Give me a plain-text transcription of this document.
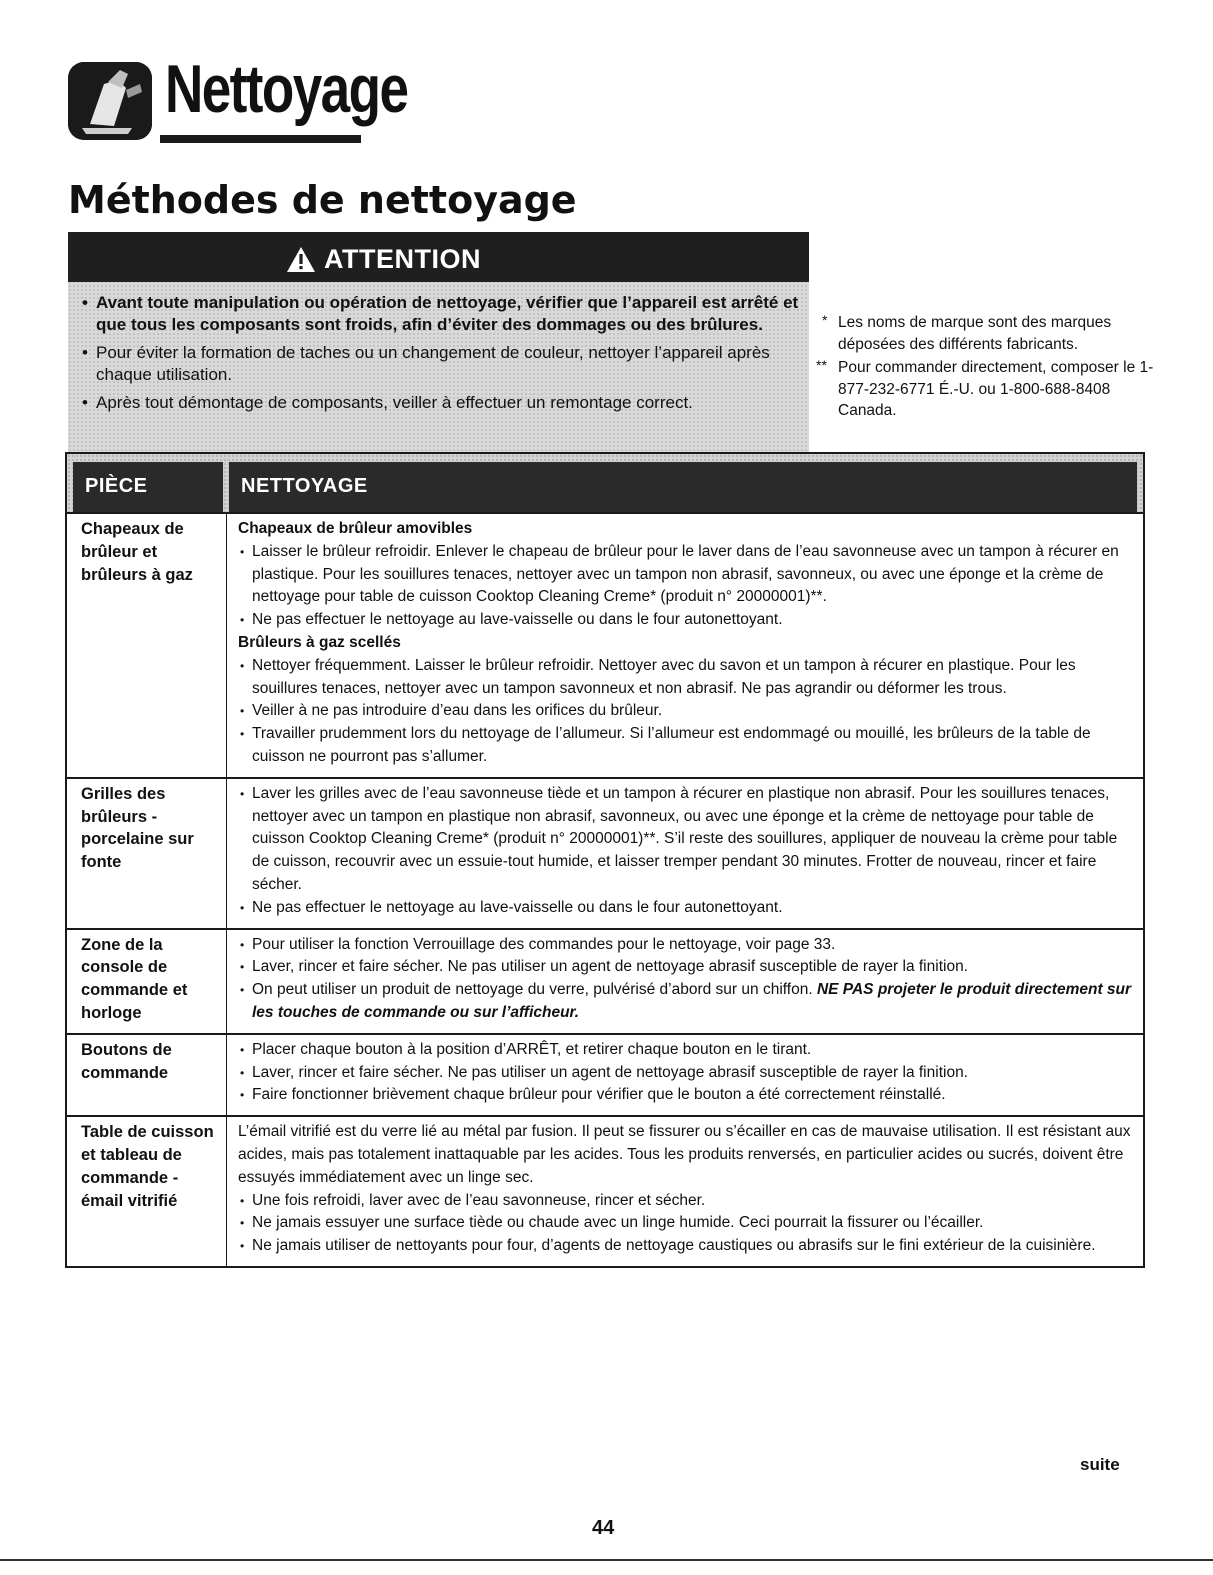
Nettoyage
Méthodes de nettoyage
ATTENTION
• Avant toute manipulation ou opération de nettoyage, vérifier que l’appareil est arrêté et que tous les composants sont froids, afin d’éviter des dommages ou des brûlures.
• Pour éviter la formation de taches ou un changement de couleur, nettoyer l’appareil après chaque utilisation.
• Après tout démontage de composants, veiller à effectuer un remontage correct.
* Les noms de marque sont des marques déposées des différents fabricants.
** Pour commander directement, composer le 1-877-232-6771 É.-U. ou 1-800-688-8408 Canada.
PIÈCE	NETTOYAGE
Chapeaux de brûleur et brûleurs à gaz

Chapeaux de brûleur amovibles

• Laisser le brûleur refroidir. Enlever le chapeau de brûleur pour le laver dans de l’eau savonneuse avec un tampon à récurer en plastique. Pour les souillures tenaces, nettoyer avec un tampon non abrasif, savonneux, ou avec une éponge et la crème de nettoyage pour table de cuisson Cooktop Cleaning Creme* (produit n° 20000001)**.
• Ne pas effectuer le nettoyage au lave-vaisselle ou dans le four autonettoyant.

Brûleurs à gaz scellés

• Nettoyer fréquemment. Laisser le brûleur refroidir. Nettoyer avec du savon et un tampon à récurer en plastique. Pour les souillures tenaces, nettoyer avec un tampon savonneux et non abrasif. Ne pas agrandir ou déformer les trous.
• Veiller à ne pas introduire d’eau dans les orifices du brûleur.
• Travailler prudemment lors du nettoyage de l’allumeur. Si l’allumeur est endommagé ou mouillé, les brûleurs de la table de cuisson ne pourront pas s’allumer.
Grilles des brûleurs - porcelaine sur fonte
• Laver les grilles avec de l’eau savonneuse tiède et un tampon à récurer en plastique non abrasif. Pour les souillures tenaces, nettoyer avec un tampon en plastique non abrasif, savonneux, ou avec une éponge et la crème de nettoyage pour table de cuisson Cooktop Cleaning Creme* (produit n° 20000001)**. S’il reste des souillures, appliquer de nouveau la crème pour table de cuisson, recouvrir avec un essuie-tout humide, et laisser tremper pendant 30 minutes. Frotter de nouveau, rincer et faire sécher.
• Ne pas effectuer le nettoyage au lave-vaisselle ou dans le four autonettoyant.
Zone de la console de commande et horloge
• Pour utiliser la fonction Verrouillage des commandes pour le nettoyage, voir page 33.
• Laver, rincer et faire sécher. Ne pas utiliser un agent de nettoyage abrasif susceptible de rayer la finition.
• On peut utiliser un produit de nettoyage du verre, pulvérisé d’abord sur un chiffon. NE PAS projeter le produit directement sur les touches de commande ou sur l’afficheur.
Boutons de commande
• Placer chaque bouton à la position d’ARRÊT, et retirer chaque bouton en le tirant.
• Laver, rincer et faire sécher. Ne pas utiliser un agent de nettoyage abrasif susceptible de rayer la finition.
• Faire fonctionner brièvement chaque brûleur pour vérifier que le bouton a été correctement réinstallé.
Table de cuisson et tableau de commande - émail vitrifié

L’émail vitrifié est du verre lié au métal par fusion. Il peut se fissurer ou s’écailler en cas de mauvaise utilisation. Il est résistant aux acides, mais pas totalement inattaquable par les acides. Tous les produits renversés, en particulier acides ou sucrés, doivent être essuyés immédiatement avec un linge sec.

• Une fois refroidi, laver avec de l’eau savonneuse, rincer et sécher.
• Ne jamais essuyer une surface tiède ou chaude avec un linge humide. Ceci pourrait la fissurer ou l’écailler.
• Ne jamais utiliser de nettoyants pour four, d’agents de nettoyage caustiques ou abrasifs sur le fini extérieur de la cuisinière.
suite
44
